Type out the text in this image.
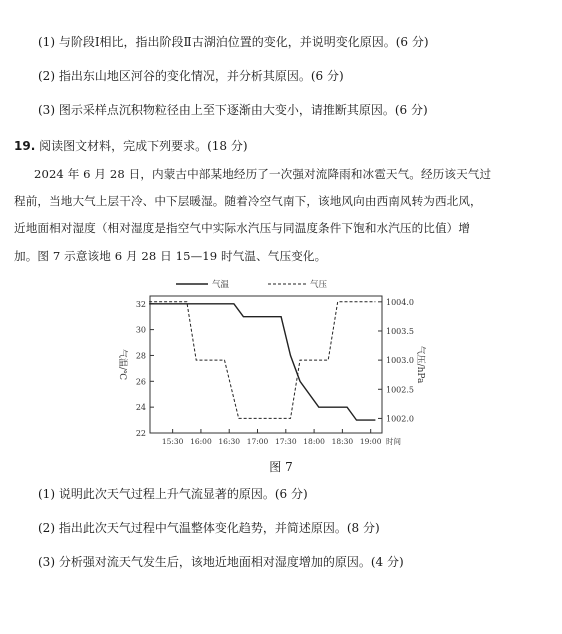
(1) 与阶段Ⅰ相比，指出阶段Ⅱ古湖泊位置的变化，并说明变化原因。(6 分)
(2) 指出东山地区河谷的变化情况，并分析其原因。(6 分)
(3) 图示采样点沉积物粒径由上至下逐渐由大变小，请推断其原因。(6 分)
19. 阅读图文材料，完成下列要求。(18 分)
2024 年 6 月 28 日，内蒙古中部某地经历了一次强对流降雨和冰雹天气。经历该天气过
程前，当地大气上层干冷、中下层暖湿。随着冷空气南下，该地风向由西南风转为西北风，
近地面相对湿度（相对湿度是指空气中实际水汽压与同温度条件下饱和水汽压的比值）增
加。图 7 示意该地 6 月 28 日 15—19 时气温、气压变化。
22
24
26
28
30
32
1002.0
1002.5
1003.0
1003.5
1004.0
15:30 16:00 16:30 17:00 17:30 18:00 18:30 19:00 时间
气温/℃	气压/hPa
气温	气压
图 7
(1) 说明此次天气过程上升气流显著的原因。(6 分)
(2) 指出此次天气过程中气温整体变化趋势，并简述原因。(8 分)
(3) 分析强对流天气发生后，该地近地面相对湿度增加的原因。(4 分)
